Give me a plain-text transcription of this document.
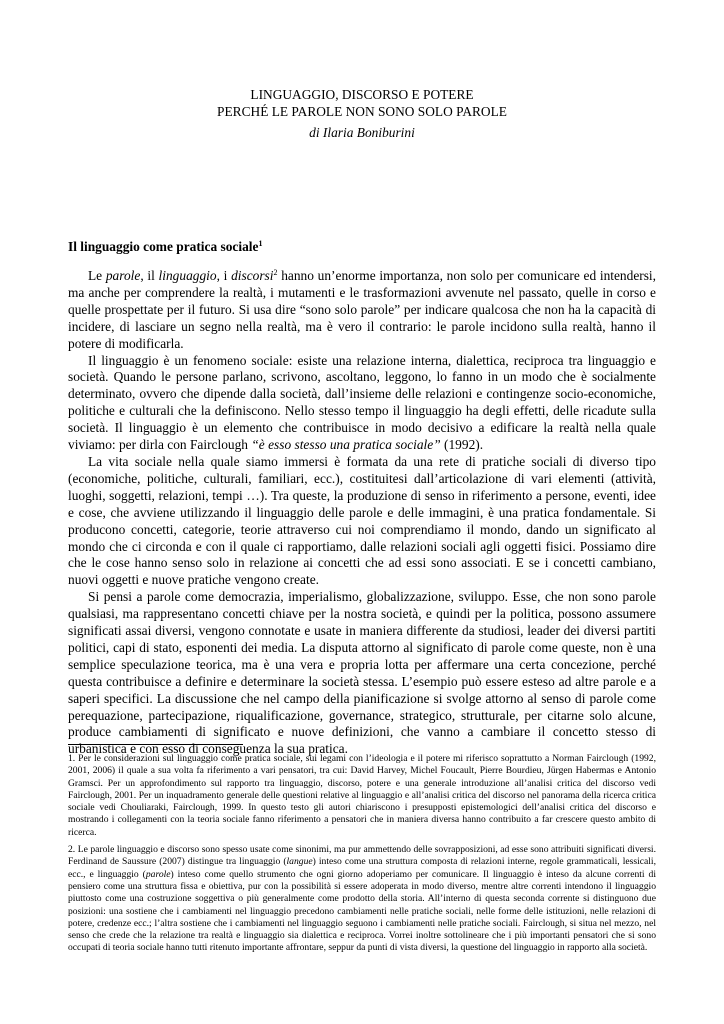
LINGUAGGIO, DISCORSO E POTERE
PERCHÉ LE PAROLE NON SONO SOLO PAROLE
di Ilaria Boniburini
Il linguaggio come pratica sociale$^1$

Le parole, il linguaggio, i discorsi$^2$ hanno un’enorme importanza, non solo per comunicare ed intendersi, ma anche per comprendere la realtà, i mutamenti e le trasformazioni avvenute nel passato, quelle in corso e quelle prospettate per il futuro. Si usa dire “sono solo parole” per indicare qualcosa che non ha la capacità di incidere, di lasciare un segno nella realtà, ma è vero il contrario: le parole incidono sulla realtà, hanno il potere di modificarla.

Il linguaggio è un fenomeno sociale: esiste una relazione interna, dialettica, reciproca tra linguaggio e società. Quando le persone parlano, scrivono, ascoltano, leggono, lo fanno in un modo che è socialmente determinato, ovvero che dipende dalla società, dall’insieme delle relazioni e contingenze socio-economiche, politiche e culturali che la definiscono. Nello stesso tempo il linguaggio ha degli effetti, delle ricadute sulla società. Il linguaggio è un elemento che contribuisce in modo decisivo a edificare la realtà nella quale viviamo: per dirla con Fairclough “è esso stesso una pratica sociale” (1992).

La vita sociale nella quale siamo immersi è formata da una rete di pratiche sociali di diverso tipo (economiche, politiche, culturali, familiari, ecc.), costituitesi dall’articolazione di vari elementi (attività, luoghi, soggetti, relazioni, tempi …). Tra queste, la produzione di senso in riferimento a persone, eventi, idee e cose, che avviene utilizzando il linguaggio delle parole e delle immagini, è una pratica fondamentale. Si producono concetti, categorie, teorie attraverso cui noi comprendiamo il mondo, dando un significato al mondo che ci circonda e con il quale ci rapportiamo, dalle relazioni sociali agli oggetti fisici. Possiamo dire che le cose hanno senso solo in relazione ai concetti che ad essi sono associati. E se i concetti cambiano, nuovi oggetti e nuove pratiche vengono create.

Si pensi a parole come democrazia, imperialismo, globalizzazione, sviluppo. Esse, che non sono parole qualsiasi, ma rappresentano concetti chiave per la nostra società, e quindi per la politica, possono assumere significati assai diversi, vengono connotate e usate in maniera differente da studiosi, leader dei diversi partiti politici, capi di stato, esponenti dei media. La disputa attorno al significato di parole come queste, non è una semplice speculazione teorica, ma è una vera e propria lotta per affermare una certa concezione, perché questa contribuisce a definire e determinare la società stessa. L’esempio può essere esteso ad altre parole e a saperi specifici. La discussione che nel campo della pianificazione si svolge attorno al senso di parole come perequazione, partecipazione, riqualificazione, governance, strategico, strutturale, per citarne solo alcune, produce cambiamenti di significato e nuove definizioni, che vanno a cambiare il concetto stesso di urbanistica e con esso di conseguenza la sua pratica.

1. Per le considerazioni sul linguaggio come pratica sociale, sui legami con l’ideologia e il potere mi riferisco soprattutto a Norman Fairclough (1992, 2001, 2006) il quale a sua volta fa riferimento a vari pensatori, tra cui: David Harvey, Michel Foucault, Pierre Bourdieu, Jürgen Habermas e Antonio Gramsci. Per un approfondimento sul rapporto tra linguaggio, discorso, potere e una generale introduzione all’analisi critica del discorso vedi Fairclough, 2001. Per un inquadramento generale delle questioni relative al linguaggio e all’analisi critica del discorso nel panorama della ricerca critica sociale vedi Chouliaraki, Fairclough, 1999. In questo testo gli autori chiariscono i presupposti epistemologici dell’analisi critica del discorso e mostrando i collegamenti con la teoria sociale fanno riferimento a pensatori che in maniera diversa hanno contribuito a far crescere questo ambito di ricerca.

2. Le parole linguaggio e discorso sono spesso usate come sinonimi, ma pur ammettendo delle sovrapposizioni, ad esse sono attribuiti significati diversi. Ferdinand de Saussure (2007) distingue tra linguaggio (langue) inteso come una struttura composta di relazioni interne, regole grammaticali, lessicali, ecc., e linguaggio (parole) inteso come quello strumento che ogni giorno adoperiamo per comunicare. Il linguaggio è inteso da alcune correnti di pensiero come una struttura fissa e obiettiva, pur con la possibilità si essere adoperata in modo diverso, mentre altre correnti intendono il linguaggio piuttosto come una costruzione soggettiva o più generalmente come prodotto della storia. All’interno di questa seconda corrente si distinguono due posizioni: una sostiene che i cambiamenti nel linguaggio precedono cambiamenti nelle pratiche sociali, nelle forme delle istituzioni, nelle relazioni di potere, credenze ecc.; l’altra sostiene che i cambiamenti nel linguaggio seguono i cambiamenti nelle pratiche sociali. Fairclough, si situa nel mezzo, nel senso che crede che la relazione tra realtà e linguaggio sia dialettica e reciproca. Vorrei inoltre sottolineare che i più importanti pensatori che si sono occupati di teoria sociale hanno tutti ritenuto importante affrontare, seppur da punti di vista diversi, la questione del linguaggio in rapporto alla società.
